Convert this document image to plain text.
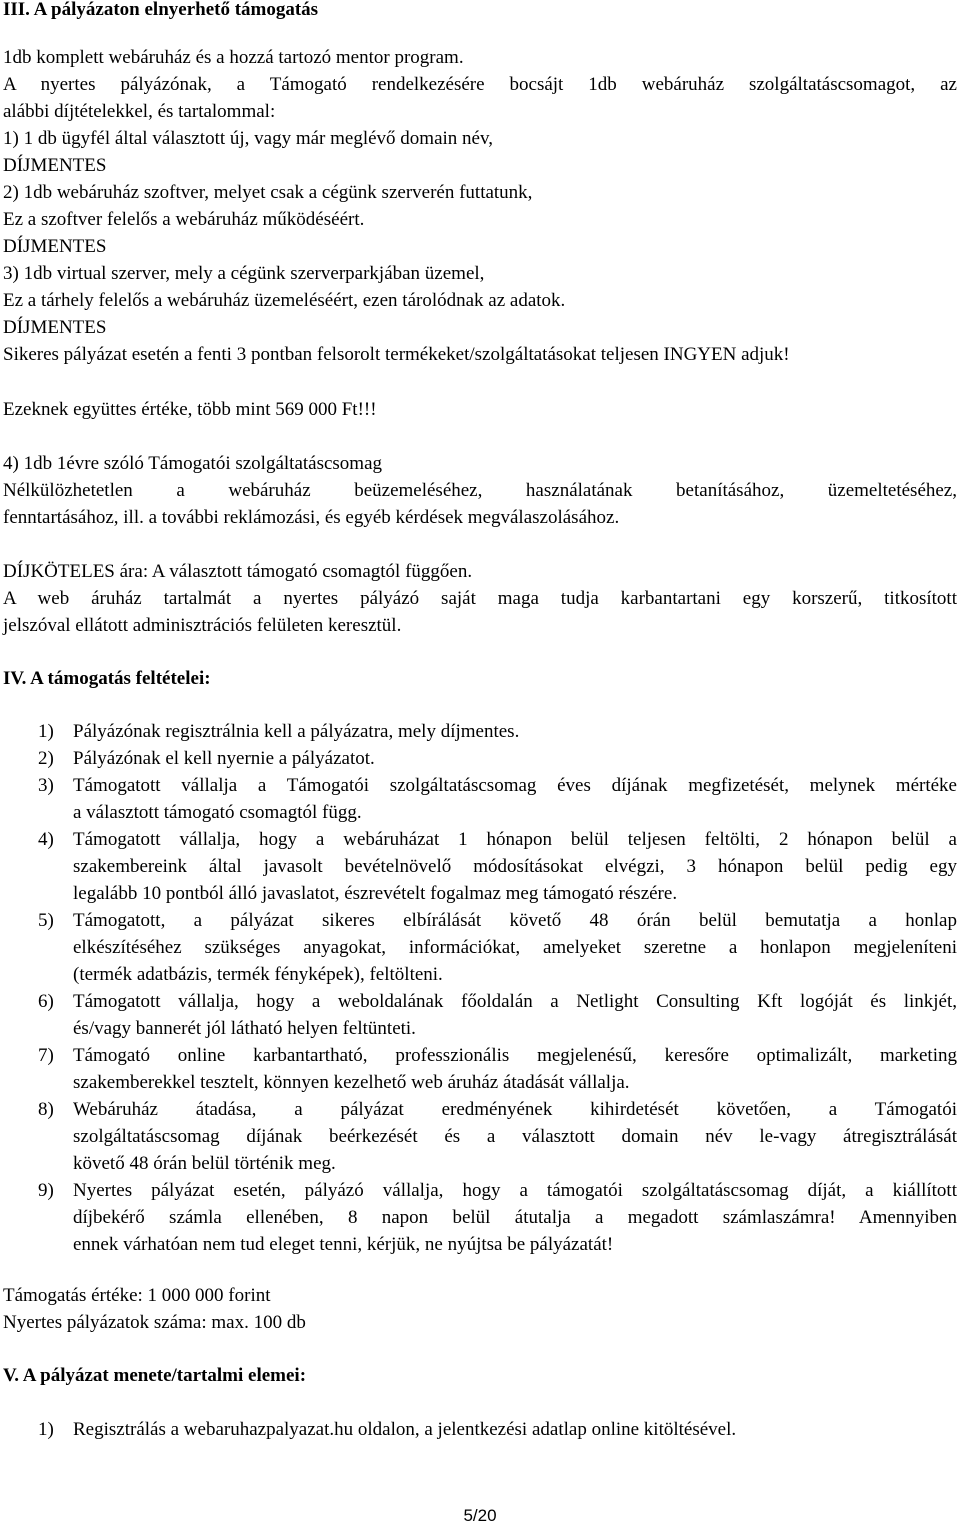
III. A pályázaton elnyerhető támogatás
1db komplett webáruház és a hozzá tartozó mentor program.
A nyertes pályázónak, a Támogató rendelkezésére bocsájt 1db webáruház szolgáltatáscsomagot, az
alábbi díjtételekkel, és tartalommal:
1) 1 db ügyfél által választott új, vagy már meglévő domain név,
DÍJMENTES
2) 1db webáruház szoftver, melyet csak a cégünk szerverén futtatunk,
Ez a szoftver felelős a webáruház működéséért.
DÍJMENTES
3) 1db virtual szerver, mely a cégünk szerverparkjában üzemel,
Ez a tárhely felelős a webáruház üzemeléséért, ezen tárolódnak az adatok.
DÍJMENTES
Sikeres pályázat esetén a fenti 3 pontban felsorolt termékeket/szolgáltatásokat teljesen INGYEN adjuk!
Ezeknek együttes értéke, több mint 569 000 Ft!!!
4) 1db 1évre szóló Támogatói szolgáltatáscsomag
Nélkülözhetetlen a webáruház beüzemeléséhez, használatának betanításához, üzemeltetéséhez,
fenntartásához, ill. a további reklámozási, és egyéb kérdések megválaszolásához.
DÍJKÖTELES ára: A választott támogató csomagtól függően.
A web áruház tartalmát a nyertes pályázó saját maga tudja karbantartani egy korszerű, titkosított
jelszóval ellátott adminisztrációs felületen keresztül.
IV. A támogatás feltételei:
1) Pályázónak regisztrálnia kell a pályázatra, mely díjmentes.
2) Pályázónak el kell nyernie a pályázatot.
3) Támogatott vállalja a Támogatói szolgáltatáscsomag éves díjának megfizetését, melynek mértéke
a választott támogató csomagtól függ.
4) Támogatott vállalja, hogy a webáruházat 1 hónapon belül teljesen feltölti, 2 hónapon belül a
szakembereink által javasolt bevételnövelő módosításokat elvégzi, 3 hónapon belül pedig egy
legalább 10 pontból álló javaslatot, észrevételt fogalmaz meg támogató részére.
5) Támogatott, a pályázat sikeres elbírálását követő 48 órán belül bemutatja a honlap
elkészítéséhez szükséges anyagokat, információkat, amelyeket szeretne a honlapon megjeleníteni
(termék adatbázis, termék fényképek), feltölteni.
6) Támogatott vállalja, hogy a weboldalának főoldalán a Netlight Consulting Kft logóját és linkjét,
és/vagy bannerét jól látható helyen feltünteti.
7) Támogató online karbantartható, professzionális megjelenésű, keresőre optimalizált, marketing
szakemberekkel tesztelt, könnyen kezelhető web áruház átadását vállalja.
8) Webáruház átadása, a pályázat eredményének kihirdetését követően, a Támogatói
szolgáltatáscsomag díjának beérkezését és a választott domain név le-vagy átregisztrálását
követő 48 órán belül történik meg.
9) Nyertes pályázat esetén, pályázó vállalja, hogy a támogatói szolgáltatáscsomag díját, a kiállított
díjbekérő számla ellenében, 8 napon belül átutalja a megadott számlaszámra! Amennyiben
ennek várhatóan nem tud eleget tenni, kérjük, ne nyújtsa be pályázatát!
Támogatás értéke: 1 000 000 forint
Nyertes pályázatok száma: max. 100 db
V. A pályázat menete/tartalmi elemei:
1) Regisztrálás a webaruhazpalyazat.hu oldalon, a jelentkezési adatlap online kitöltésével.
5/20
